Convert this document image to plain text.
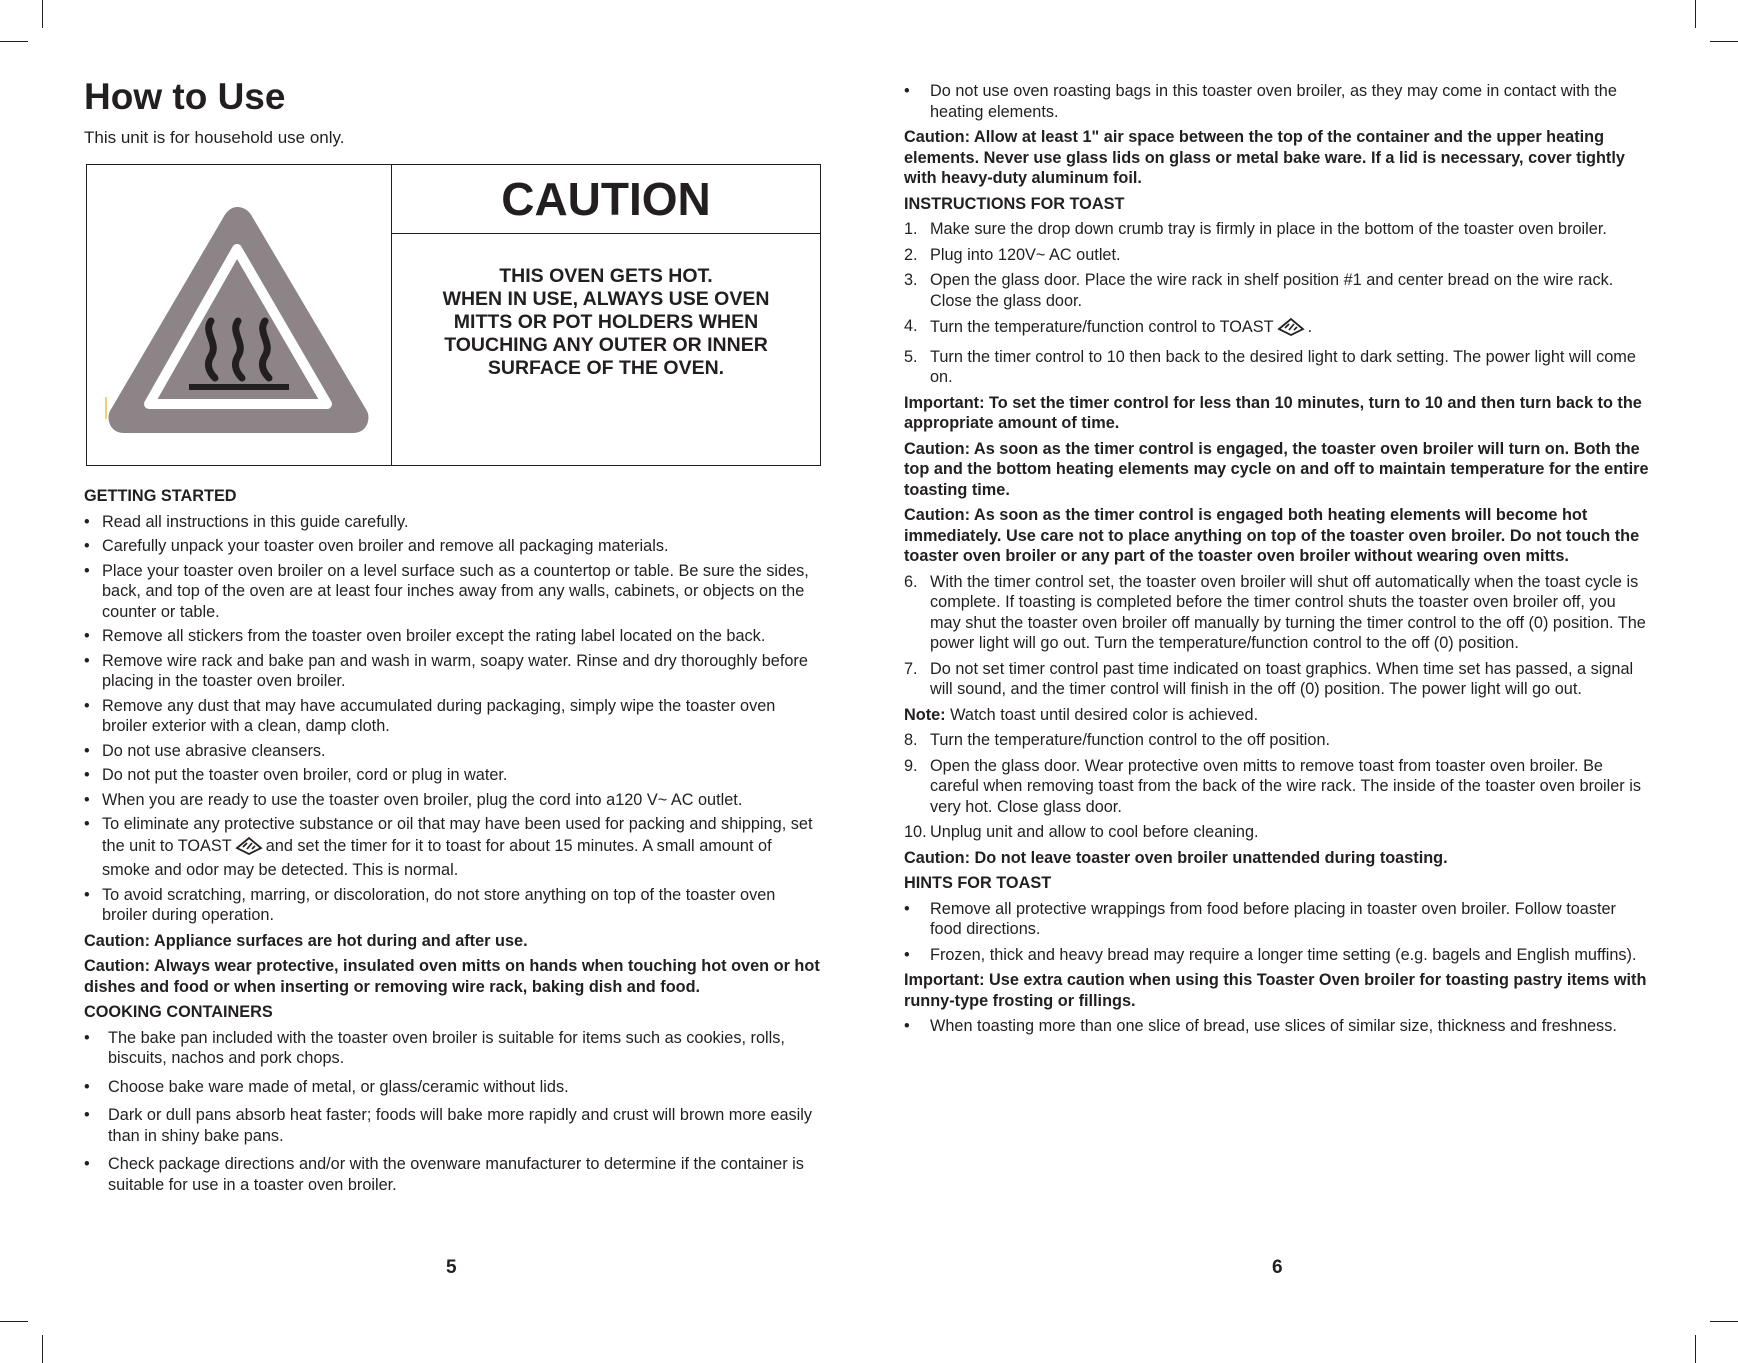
How to Use
This unit is for household use only.
CAUTION
THIS OVEN GETS HOT.
WHEN IN USE, ALWAYS USE OVEN
MITTS OR POT HOLDERS WHEN
TOUCHING ANY OUTER OR INNER
SURFACE OF THE OVEN.
GETTING STARTED
• Read all instructions in this guide carefully.
• Carefully unpack your toaster oven broiler and remove all packaging materials.
• Place your toaster oven broiler on a level surface such as a countertop or table. Be sure the sides, back, and top of the oven are at least four inches away from any walls, cabinets, or objects on the counter or table.
• Remove all stickers from the toaster oven broiler except the rating label located on the back.
• Remove wire rack and bake pan and wash in warm, soapy water. Rinse and dry thoroughly before placing in the toaster oven broiler.
• Remove any dust that may have accumulated during packaging, simply wipe the toaster oven broiler exterior with a clean, damp cloth.
• Do not use abrasive cleansers.
• Do not put the toaster oven broiler, cord or plug in water.
• When you are ready to use the toaster oven broiler, plug the cord into a120 V~ AC outlet.
• To eliminate any protective substance or oil that may have been used for packing and shipping, set the unit to TOAST and set the timer for it to toast for about 15 minutes. A small amount of smoke and odor may be detected. This is normal.
• To avoid scratching, marring, or discoloration, do not store anything on top of the toaster oven broiler during operation.
Caution: Appliance surfaces are hot during and after use.
Caution: Always wear protective, insulated oven mitts on hands when touching hot oven or hot dishes and food or when inserting or removing wire rack, baking dish and food.
COOKING CONTAINERS
• The bake pan included with the toaster oven broiler is suitable for items such as cookies, rolls, biscuits, nachos and pork chops.
• Choose bake ware made of metal, or glass/ceramic without lids.
• Dark or dull pans absorb heat faster; foods will bake more rapidly and crust will brown more easily than in shiny bake pans.
• Check package directions and/or with the ovenware manufacturer to determine if the container is suitable for use in a toaster oven broiler.
5
• Do not use oven roasting bags in this toaster oven broiler, as they may come in contact with the heating elements.
Caution: Allow at least 1" air space between the top of the container and the upper heating elements. Never use glass lids on glass or metal bake ware. If a lid is necessary, cover tightly with heavy-duty aluminum foil.
INSTRUCTIONS FOR TOAST
1. Make sure the drop down crumb tray is firmly in place in the bottom of the toaster oven broiler.
2. Plug into 120V~ AC outlet.
3. Open the glass door. Place the wire rack in shelf position #1 and center bread on the wire rack. Close the glass door.
4. Turn the temperature/function control to TOAST .
5. Turn the timer control to 10 then back to the desired light to dark setting. The power light will come on.
Important: To set the timer control for less than 10 minutes, turn to 10 and then turn back to the appropriate amount of time.
Caution: As soon as the timer control is engaged, the toaster oven broiler will turn on. Both the top and the bottom heating elements may cycle on and off to maintain temperature for the entire toasting time.
Caution: As soon as the timer control is engaged both heating elements will become hot immediately. Use care not to place anything on top of the toaster oven broiler. Do not touch the toaster oven broiler or any part of the toaster oven broiler without wearing oven mitts.
6. With the timer control set, the toaster oven broiler will shut off automatically when the toast cycle is complete. If toasting is completed before the timer control shuts the toaster oven broiler off, you may shut the toaster oven broiler off manually by turning the timer control to the off (0) position. The power light will go out. Turn the temperature/function control to the off (0) position.
7. Do not set timer control past time indicated on toast graphics. When time set has passed, a signal will sound, and the timer control will finish in the off (0) position. The power light will go out.
Note: Watch toast until desired color is achieved.
8. Turn the temperature/function control to the off position.
9. Open the glass door. Wear protective oven mitts to remove toast from toaster oven broiler. Be careful when removing toast from the back of the wire rack. The inside of the toaster oven broiler is very hot. Close glass door.
10. Unplug unit and allow to cool before cleaning.
Caution: Do not leave toaster oven broiler unattended during toasting.
HINTS FOR TOAST
• Remove all protective wrappings from food before placing in toaster oven broiler. Follow toaster food directions.
• Frozen, thick and heavy bread may require a longer time setting (e.g. bagels and English muffins).
Important: Use extra caution when using this Toaster Oven broiler for toasting pastry items with runny-type frosting or fillings.
• When toasting more than one slice of bread, use slices of similar size, thickness and freshness.
6
